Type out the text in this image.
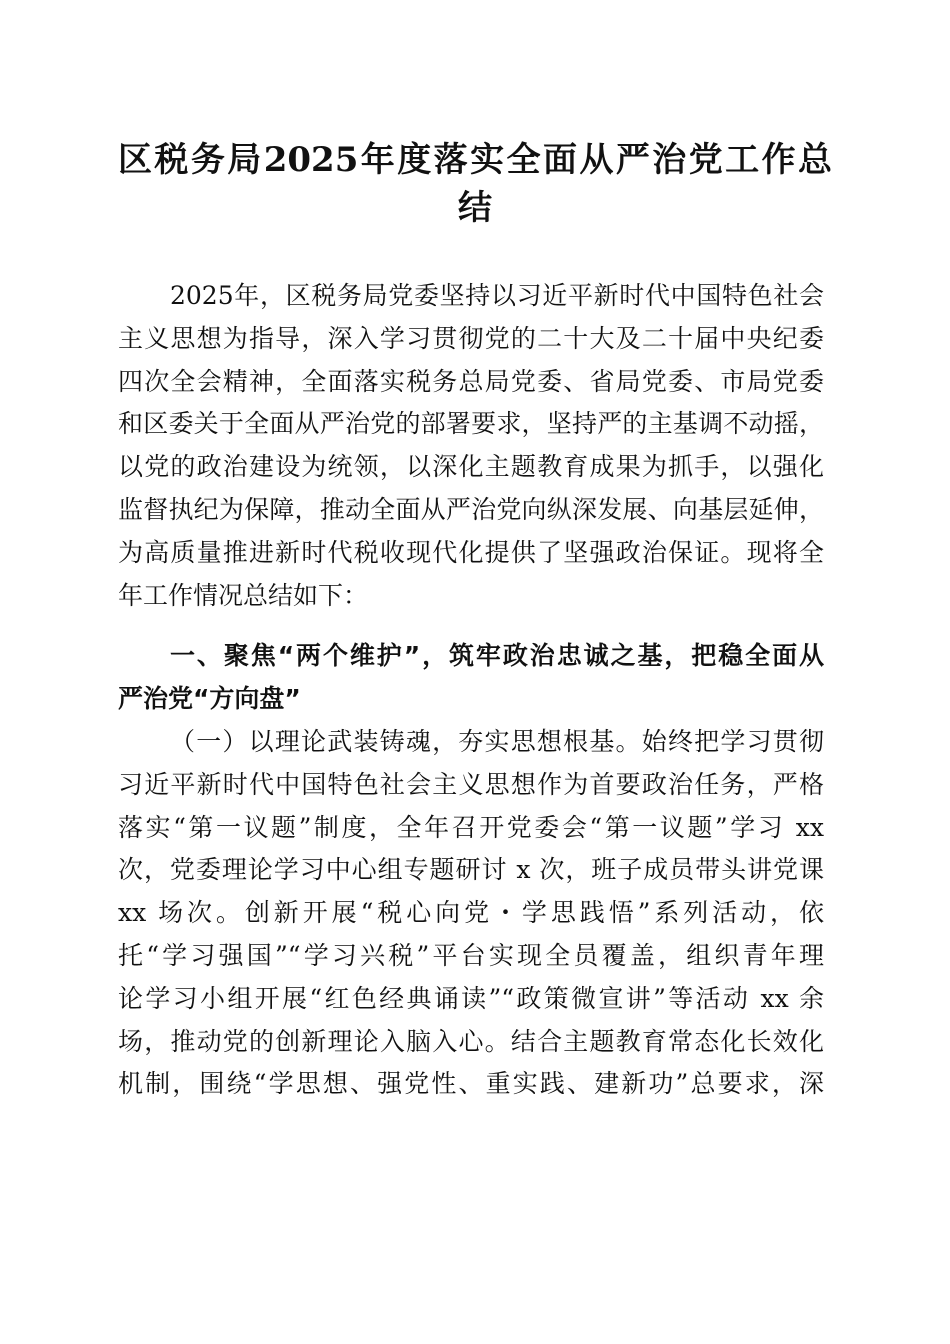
区税务局2025年度落实全面从严治党工作总
结
2025年，区税务局党委坚持以习近平新时代中国特色社会
主义思想为指导，深入学习贯彻党的二十大及二十届中央纪委
四次全会精神，全面落实税务总局党委、省局党委、市局党委
和区委关于全面从严治党的部署要求，坚持严的主基调不动摇，
以党的政治建设为统领，以深化主题教育成果为抓手，以强化
监督执纪为保障，推动全面从严治党向纵深发展、向基层延伸，
为高质量推进新时代税收现代化提供了坚强政治保证。现将全
年工作情况总结如下：
一、聚焦“两个维护”，筑牢政治忠诚之基，把稳全面从
严治党“方向盘”
（一）以理论武装铸魂，夯实思想根基。始终把学习贯彻
习近平新时代中国特色社会主义思想作为首要政治任务，严格
落实“第一议题”制度，全年召开党委会“第一议题”学习 xx
次，党委理论学习中心组专题研讨 x 次，班子成员带头讲党课
xx 场次。创新开展“税心向党・学思践悟”系列活动，依
托“学习强国”“学习兴税”平台实现全员覆盖，组织青年理
论学习小组开展“红色经典诵读”“政策微宣讲”等活动 xx 余
场，推动党的创新理论入脑入心。结合主题教育常态化长效化
机制，围绕“学思想、强党性、重实践、建新功”总要求，深
